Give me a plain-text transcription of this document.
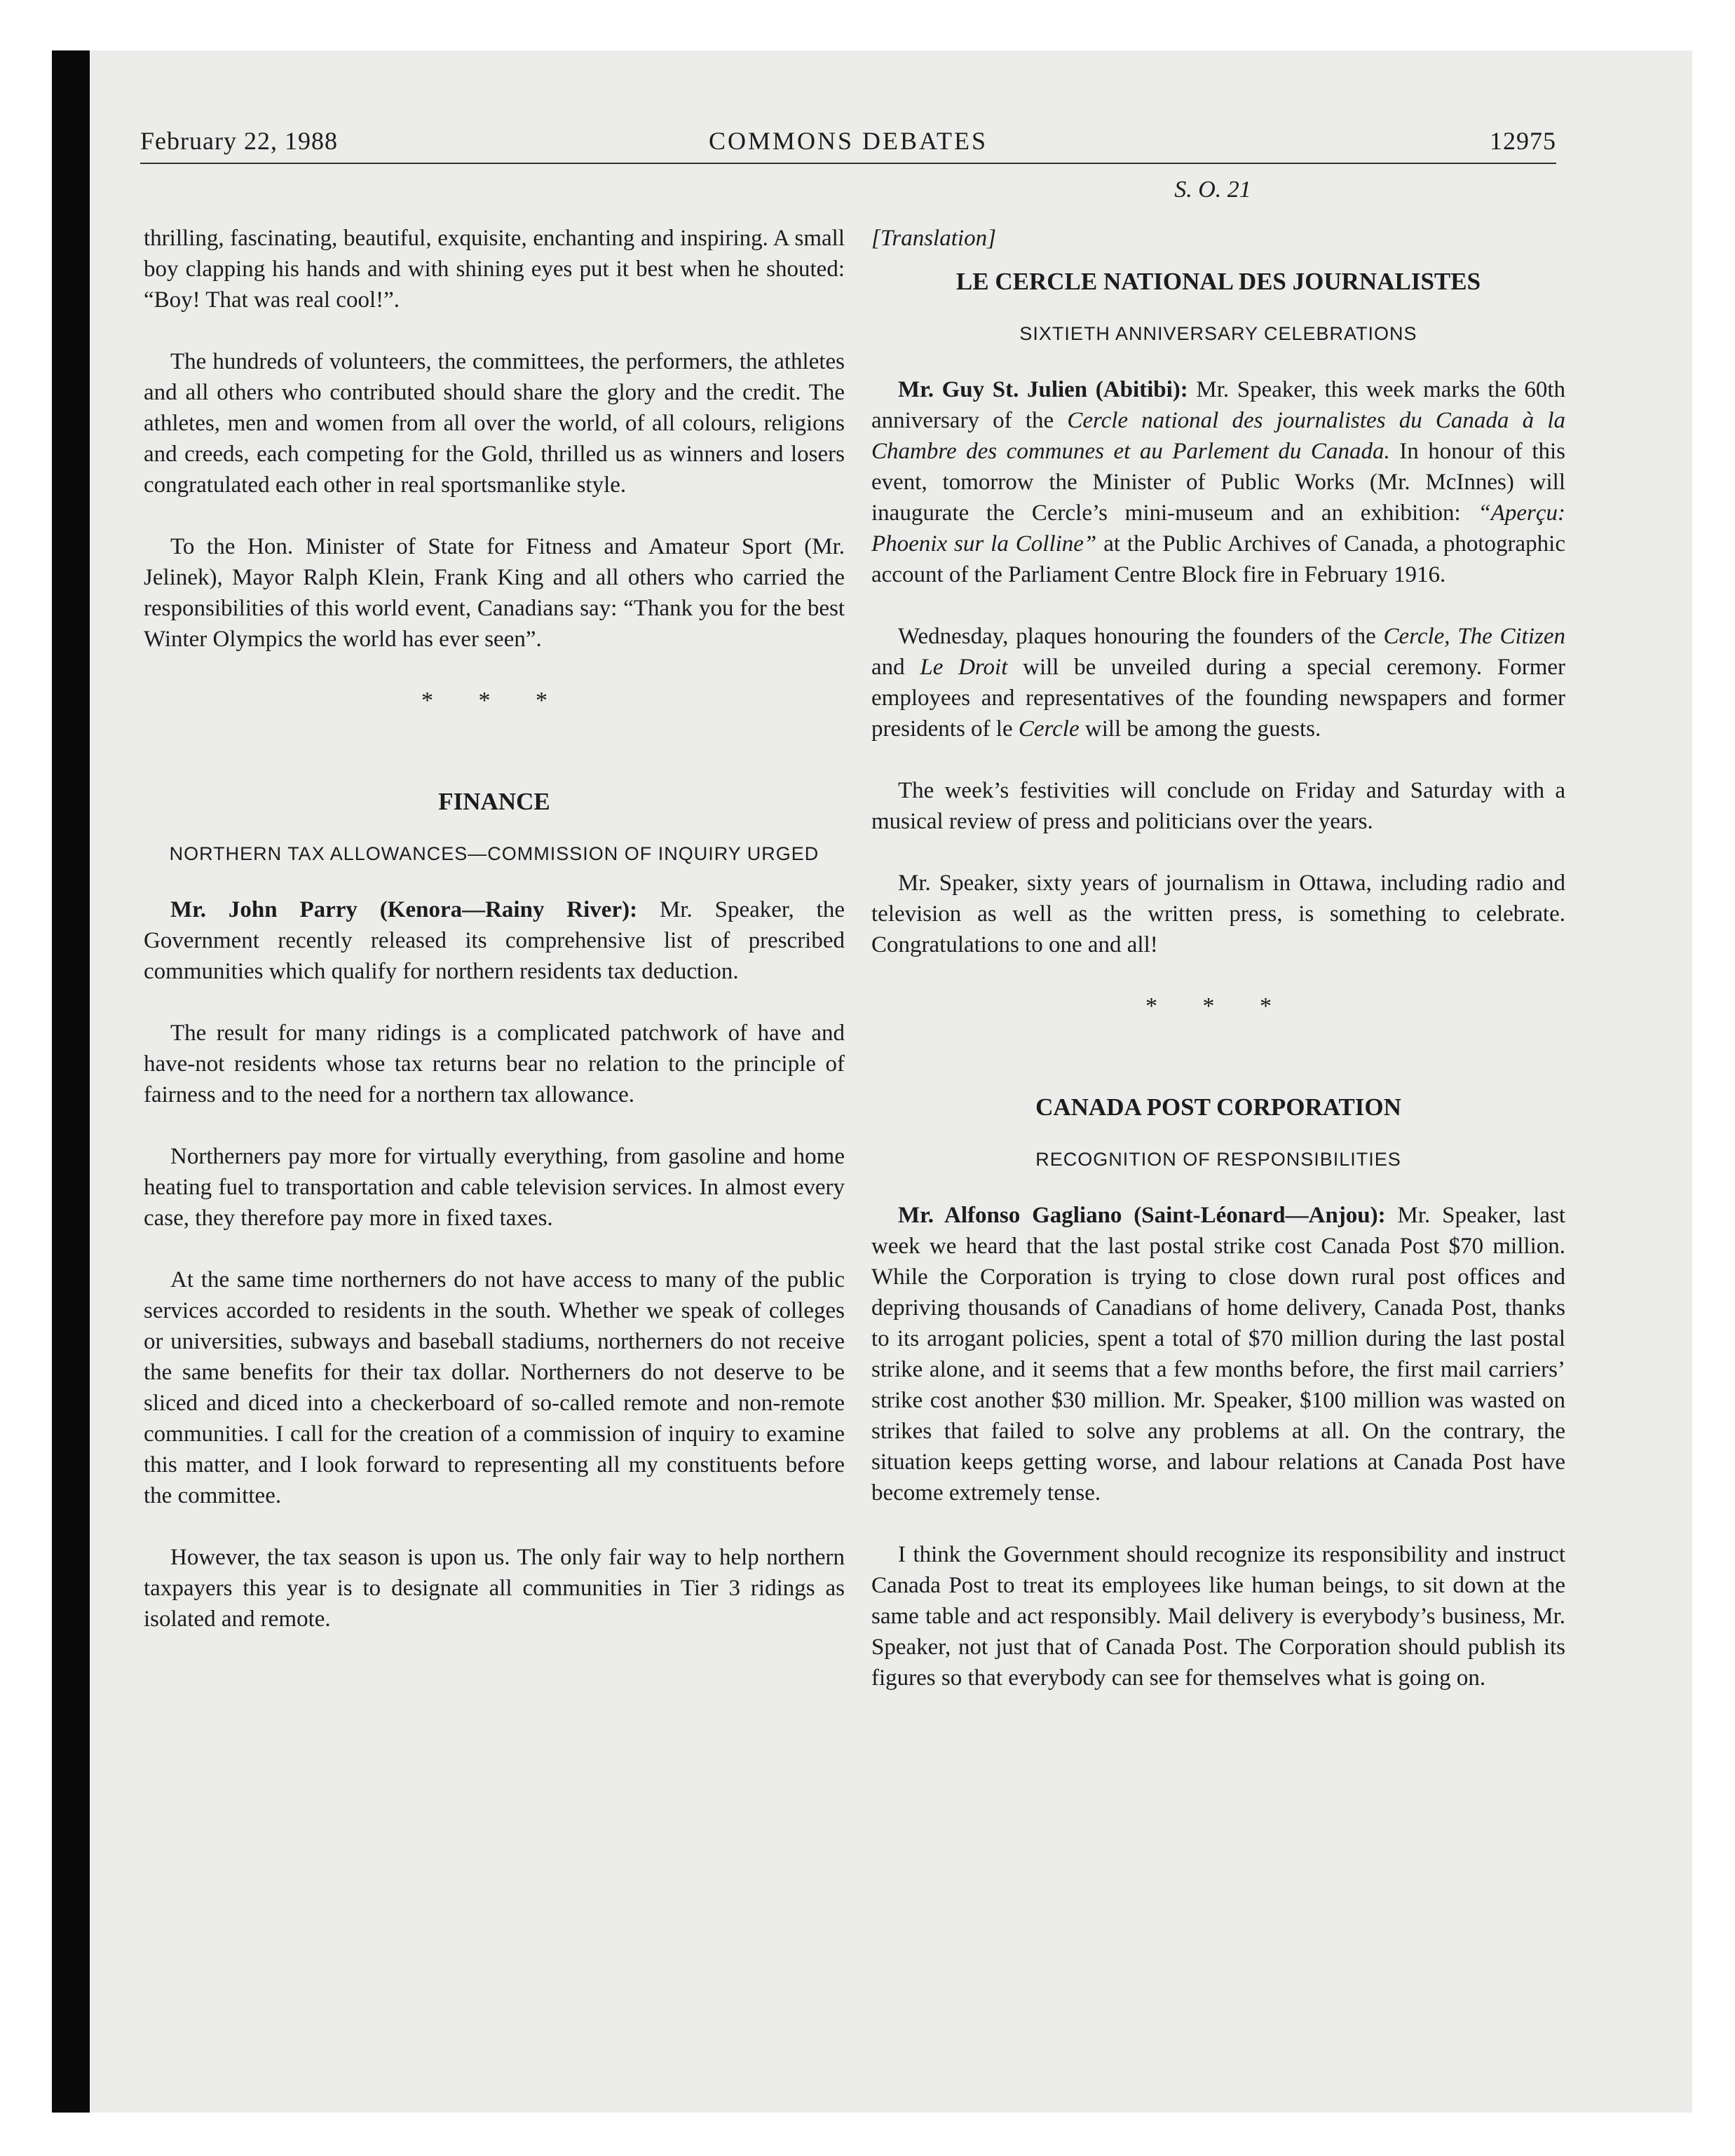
February 22, 1988	COMMONS DEBATES	12975
S. O. 21

thrilling, fascinating, beautiful, exquisite, enchanting and inspiring. A small boy clapping his hands and with shining eyes put it best when he shouted: “Boy! That was real cool!”.

The hundreds of volunteers, the committees, the performers, the athletes and all others who contributed should share the glory and the credit. The athletes, men and women from all over the world, of all colours, religions and creeds, each competing for the Gold, thrilled us as winners and losers congratulated each other in real sportsmanlike style.

To the Hon. Minister of State for Fitness and Amateur Sport (Mr. Jelinek), Mayor Ralph Klein, Frank King and all others who carried the responsibilities of this world event, Canadians say: “Thank you for the best Winter Olympics the world has ever seen”.

* * *
FINANCE
NORTHERN TAX ALLOWANCES—COMMISSION OF INQUIRY URGED

Mr. John Parry (Kenora—Rainy River): Mr. Speaker, the Government recently released its comprehensive list of prescribed communities which qualify for northern residents tax deduction.

The result for many ridings is a complicated patchwork of have and have-not residents whose tax returns bear no relation to the principle of fairness and to the need for a northern tax allowance.

Northerners pay more for virtually everything, from gasoline and home heating fuel to transportation and cable television services. In almost every case, they therefore pay more in fixed taxes.

At the same time northerners do not have access to many of the public services accorded to residents in the south. Whether we speak of colleges or universities, subways and baseball stadiums, northerners do not receive the same benefits for their tax dollar. Northerners do not deserve to be sliced and diced into a checkerboard of so-called remote and non-remote communities. I call for the creation of a commission of inquiry to examine this matter, and I look forward to representing all my constituents before the committee.

However, the tax season is upon us. The only fair way to help northern taxpayers this year is to designate all communities in Tier 3 ridings as isolated and remote.

[Translation]

LE CERCLE NATIONAL DES JOURNALISTES
SIXTIETH ANNIVERSARY CELEBRATIONS

Mr. Guy St. Julien (Abitibi): Mr. Speaker, this week marks the 60th anniversary of the Cercle national des journalistes du Canada à la Chambre des communes et au Parlement du Canada. In honour of this event, tomorrow the Minister of Public Works (Mr. McInnes) will inaugurate the Cercle’s mini-museum and an exhibition: “Aperçu: Phoenix sur la Colline” at the Public Archives of Canada, a photographic account of the Parliament Centre Block fire in February 1916.

Wednesday, plaques honouring the founders of the Cercle, The Citizen and Le Droit will be unveiled during a special ceremony. Former employees and representatives of the founding newspapers and former presidents of le Cercle will be among the guests.

The week’s festivities will conclude on Friday and Saturday with a musical review of press and politicians over the years.

Mr. Speaker, sixty years of journalism in Ottawa, including radio and television as well as the written press, is something to celebrate. Congratulations to one and all!

* * *
CANADA POST CORPORATION
RECOGNITION OF RESPONSIBILITIES

Mr. Alfonso Gagliano (Saint-Léonard—Anjou): Mr. Speaker, last week we heard that the last postal strike cost Canada Post $70 million. While the Corporation is trying to close down rural post offices and depriving thousands of Canadians of home delivery, Canada Post, thanks to its arrogant policies, spent a total of $70 million during the last postal strike alone, and it seems that a few months before, the first mail carriers’ strike cost another $30 million. Mr. Speaker, $100 million was wasted on strikes that failed to solve any problems at all. On the contrary, the situation keeps getting worse, and labour relations at Canada Post have become extremely tense.

I think the Government should recognize its responsibility and instruct Canada Post to treat its employees like human beings, to sit down at the same table and act responsibly. Mail delivery is everybody’s business, Mr. Speaker, not just that of Canada Post. The Corporation should publish its figures so that everybody can see for themselves what is going on.
